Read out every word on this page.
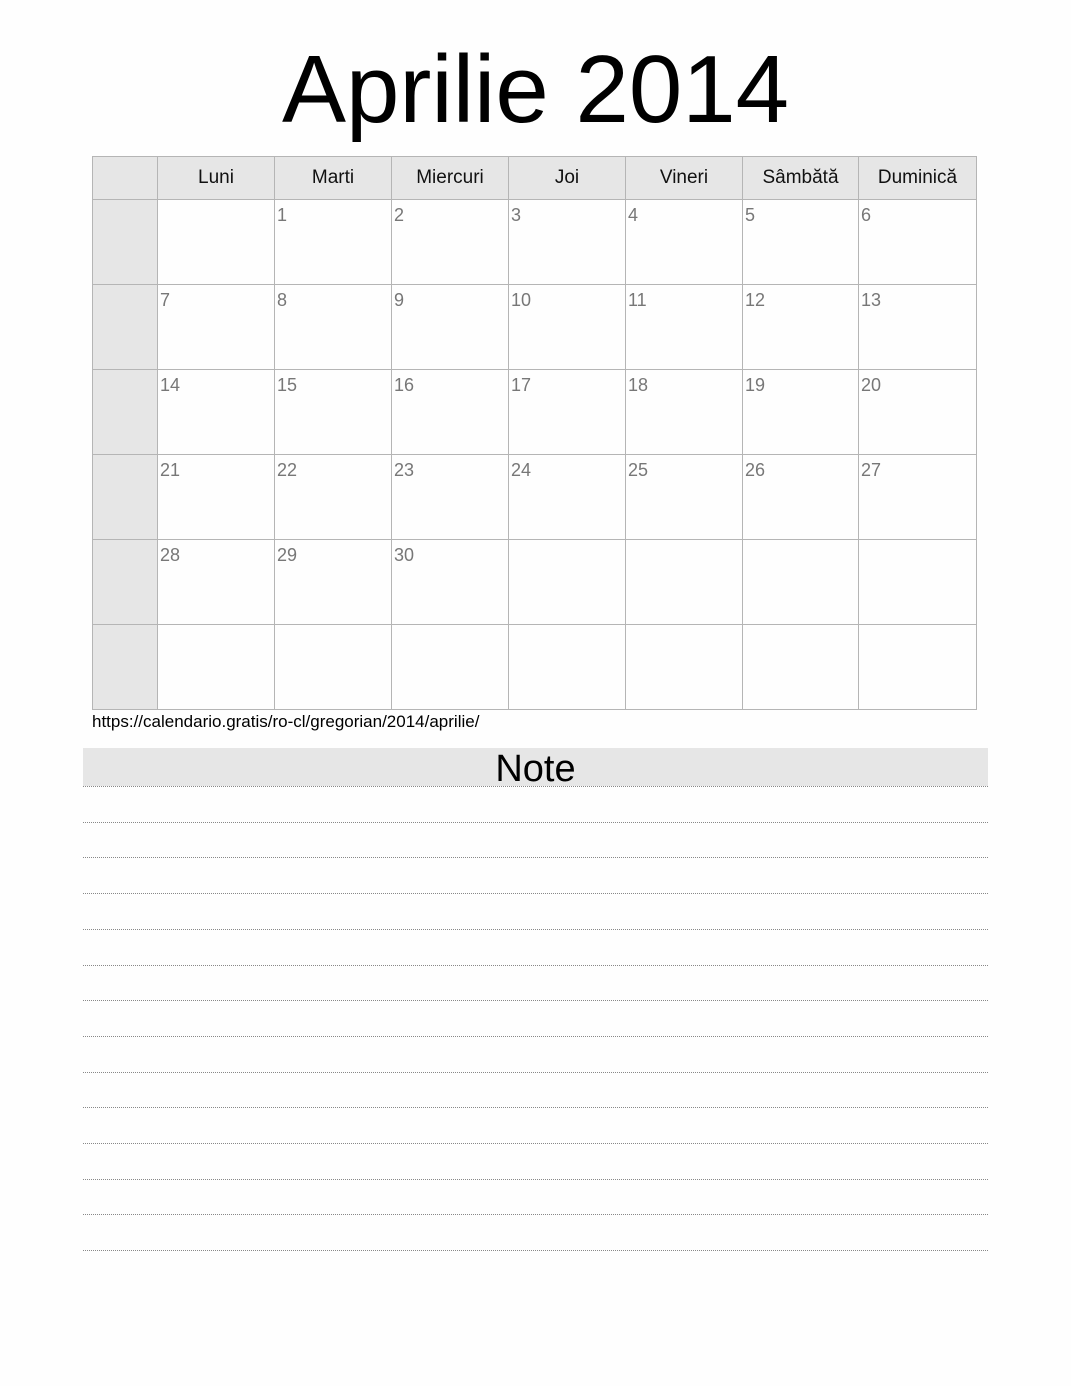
Aprilie 2014
	Luni	Marti	Miercuri	Joi	Vineri	Sâmbătă	Duminică

		1	2	3	4	5	6

	7	8	9	10	11	12	13

	14	15	16	17	18	19	20

	21	22	23	24	25	26	27

	28	29	30				

https://calendario.gratis/ro-cl/gregorian/2014/aprilie/
Note
